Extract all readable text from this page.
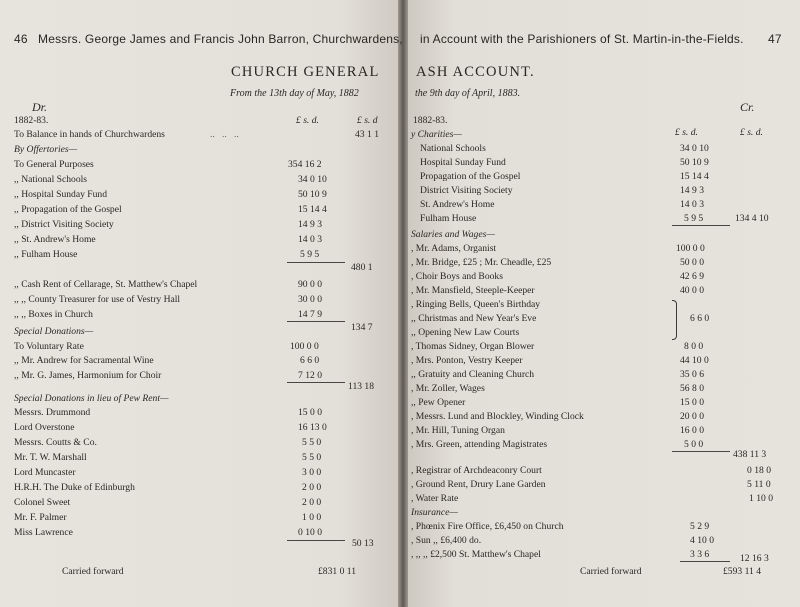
46 Messrs. George James and Francis John Barron, Churchwardens, in Account with the Parishioners of St. Martin-in-the-Fields. 47
CHURCH GENERAL	ASH ACCOUNT.
From the 13th day of May, 1882	the 9th day of April, 1883.
Dr.	Cr.
1882-83.	£ s. d.	£ s. d	1882-83.
£ s. d.	£ s. d.
To Balance in hands of Churchwardens	..   ..   ..	43 1 1
By Offertories—
To General Purposes	354 16 2
,, National Schools	34 0 10
,, Hospital Sunday Fund	50 10 9
,, Propagation of the Gospel	15 14 4
,, District Visiting Society	14 9 3
,, St. Andrew's Home	14 0 3
,, Fulham House	5 9 5
480 1
,, Cash Rent of Cellarage, St. Matthew's Chapel	90 0 0
,, ,, County Treasurer for use of Vestry Hall	30 0 0
,, ,, Boxes in Church	14 7 9
134 7
Special Donations—
To Voluntary Rate	100 0 0
,, Mr. Andrew for Sacramental Wine	6 6 0
,, Mr. G. James, Harmonium for Choir	7 12 0
113 18
Special Donations in lieu of Pew Rent—
Messrs. Drummond	15 0 0
Lord Overstone	16 13 0
Messrs. Coutts & Co.	5 5 0
Mr. T. W. Marshall	5 5 0
Lord Muncaster	3 0 0
H.R.H. The Duke of Edinburgh	2 0 0
Colonel Sweet	2 0 0
Mr. F. Palmer	1 0 0
Miss Lawrence	0 10 0
50 13
Carried forward	£831 0 11
y Charities—
National Schools	34 0 10
Hospital Sunday Fund	50 10 9
Propagation of the Gospel	15 14 4
District Visiting Society	14 9 3
St. Andrew's Home	14 0 3
Fulham House	5 9 5	134 4 10
Salaries and Wages—
, Mr. Adams, Organist	100 0 0
, Mr. Bridge, £25 ; Mr. Cheadle, £25	50 0 0
, Choir Boys and Books	42 6 9
, Mr. Mansfield, Steeple-Keeper	40 0 0
, Ringing Bells, Queen's Birthday
,, Christmas and New Year's Eve
,, Opening New Law Courts
6 6 0
, Thomas Sidney, Organ Blower	8 0 0
, Mrs. Ponton, Vestry Keeper	44 10 0
,, Gratuity and Cleaning Church	35 0 6
, Mr. Zoller, Wages	56 8 0
,, Pew Opener	15 0 0
, Messrs. Lund and Blockley, Winding Clock	20 0 0
, Mr. Hill, Tuning Organ	16 0 0
, Mrs. Green, attending Magistrates	5 0 0
438 11 3
, Registrar of Archdeaconry Court	0 18 0
, Ground Rent, Drury Lane Garden	5 11 0
, Water Rate	1 10 0
Insurance—
, Phœnix Fire Office, £6,450 on Church	5 2 9
, Sun ,, £6,400 do.	4 10 0
, ,, ,, £2,500 St. Matthew's Chapel	3 3 6	12 16 3
Carried forward	£593 11 4
